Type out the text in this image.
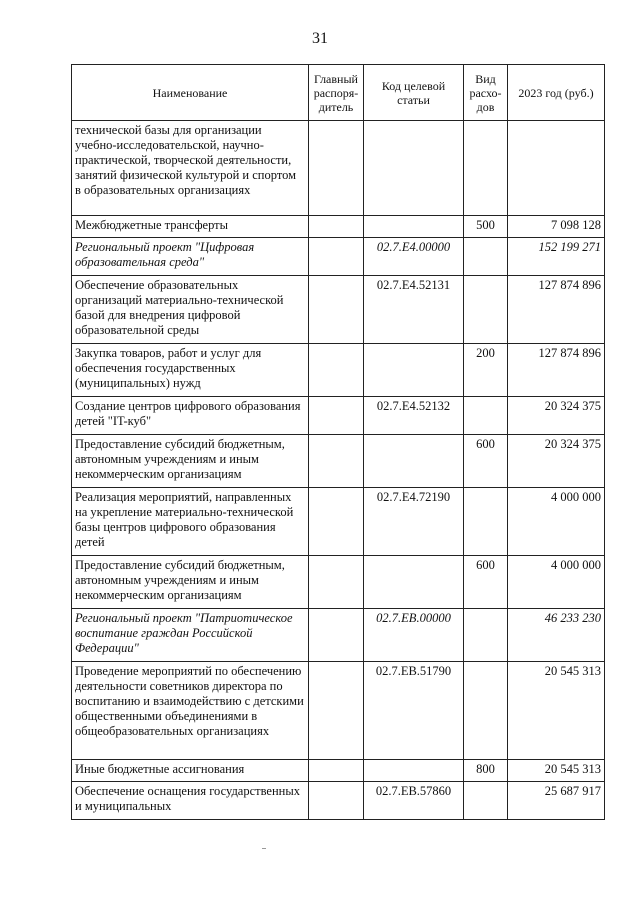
31
Наименование	Главный распоря-дитель	Код целевой статьи	Вид расхо-дов	2023 год (руб.)
технической базы для организации учебно-исследовательской, научно-практической, творческой деятельности, занятий физической культурой и спортом в образовательных организациях				
Межбюджетные трансферты			500	7 098 128
Региональный проект "Цифровая образовательная среда"		02.7.Е4.00000		152 199 271
Обеспечение образовательных организаций материально-технической базой для внедрения цифровой образовательной среды		02.7.Е4.52131		127 874 896
Закупка товаров, работ и услуг для обеспечения государственных (муниципальных) нужд			200	127 874 896
Создание центров цифрового образования детей "IT-куб"		02.7.Е4.52132		20 324 375
Предоставление субсидий бюджетным, автономным учреждениям и иным некоммерческим организациям			600	20 324 375
Реализация мероприятий, направленных на укрепление материально-технической базы центров цифрового образования детей		02.7.Е4.72190		4 000 000
Предоставление субсидий бюджетным, автономным учреждениям и иным некоммерческим организациям			600	4 000 000
Региональный проект "Патриотическое воспитание граждан Российской Федерации"		02.7.ЕВ.00000		46 233 230
Проведение мероприятий по обеспечению деятельности советников директора по воспитанию и взаимодействию с детскими общественными объединениями в общеобразовательных организациях		02.7.ЕВ.51790		20 545 313
Иные бюджетные ассигнования			800	20 545 313
Обеспечение оснащения государственных и муниципальных		02.7.ЕВ.57860		25 687 917
